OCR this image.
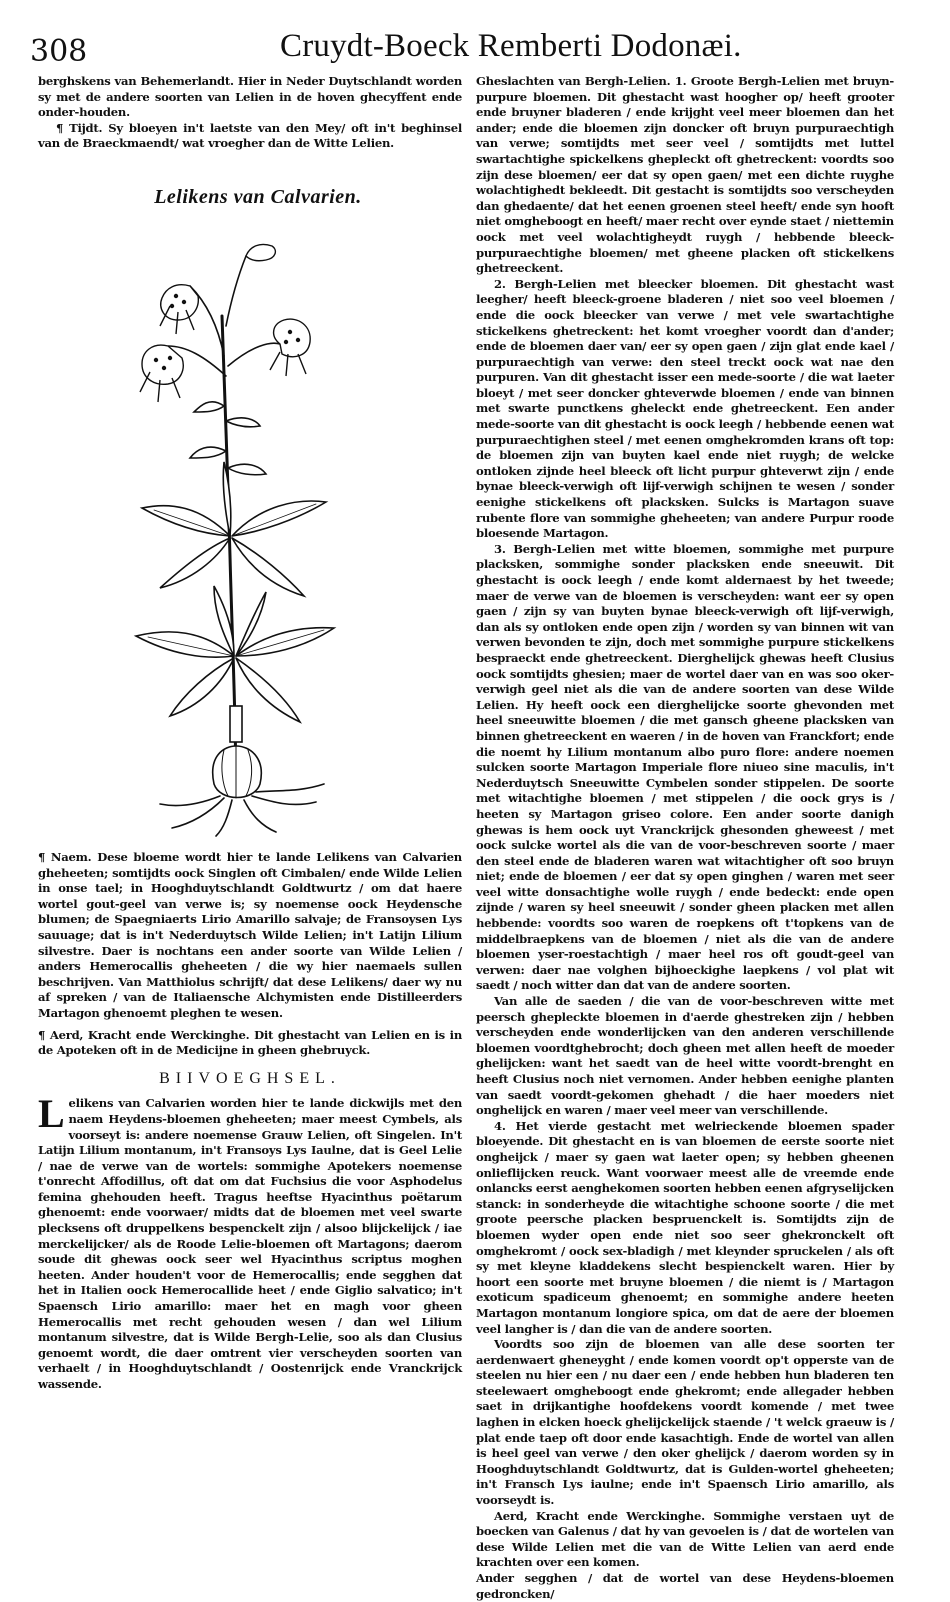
308	Cruydt-Boeck Remberti Dodonæi.

berghskens van Behemerlandt. Hier in Neder Duytschlandt worden sy met de andere soorten van Lelien in de hoven ghecyffent ende onder-houden.

¶ Tijdt. Sy bloeyen in't laetste van den Mey/ oft in't beghinsel van de Braeckmaendt/ wat vroegher dan de Witte Lelien.

Lelikens van Calvarien.

¶ Naem. Dese bloeme wordt hier te lande Lelikens van Calvarien gheheeten; somtijdts oock Singlen oft Cimbalen/ ende Wilde Lelien in onse tael; in Hooghduytschlandt Goldtwurtz / om dat haere wortel gout-geel van verwe is; sy noemense oock Heydensche blumen; de Spaegniaerts Lirio Amarillo salvaje; de Fransoysen Lys sauuage; dat is in't Nederduytsch Wilde Lelien; in't Latijn Lilium silvestre. Daer is nochtans een ander soorte van Wilde Lelien / anders Hemerocallis gheheeten / die wy hier naemaels sullen beschrijven. Van Matthiolus schrijft/ dat dese Lelikens/ daer wy nu af spreken / van de Italiaensche Alchymisten ende Distilleerders Martagon ghenoemt pleghen te wesen.

¶ Aerd, Kracht ende Werckinghe. Dit ghestacht van Lelien en is in de Apoteken oft in de Medicijne in gheen ghebruyck.

BIIVOEGHSEL.

Lelikens van Calvarien worden hier te lande dickwijls met den naem Heydens-bloemen gheheeten; maer meest Cymbels, als voorseyt is: andere noemense Grauw Lelien, oft Singelen. In't Latijn Lilium montanum, in't Fransoys Lys Iaulne, dat is Geel Lelie / nae de verwe van de wortels: sommighe Apotekers noemense t'onrecht Affodillus, oft dat om dat Fuchsius die voor Asphodelus femina ghehouden heeft. Tragus heeftse Hyacinthus poëtarum ghenoemt: ende voorwaer/ midts dat de bloemen met veel swarte plecksens oft druppelkens bespenckelt zijn / alsoo blijckelijck / iae merckelijcker/ als de Roode Lelie-bloemen oft Martagons; daerom soude dit ghewas oock seer wel Hyacinthus scriptus moghen heeten. Ander houden't voor de Hemerocallis; ende segghen dat het in Italien oock Hemerocallide heet / ende Giglio salvatico; in't Spaensch Lirio amarillo: maer het en magh voor gheen Hemerocallis met recht gehouden wesen / dan wel Lilium montanum silvestre, dat is Wilde Bergh-Lelie, soo als dan Clusius genoemt wordt, die daer omtrent vier verscheyden soorten van verhaelt / in Hooghduytschlandt / Oostenrijck ende Vranckrijck wassende.

Gheslachten van Bergh-Lelien. 1. Groote Bergh-Lelien met bruyn-purpure bloemen. Dit ghestacht wast hoogher op/ heeft grooter ende bruyner bladeren / ende krijght veel meer bloemen dan het ander; ende die bloemen zijn doncker oft bruyn purpuraechtigh van verwe; somtijdts met seer veel / somtijdts met luttel swartachtighe spickelkens ghepleckt oft ghetreckent: voordts soo zijn dese bloemen/ eer dat sy open gaen/ met een dichte ruyghe wolachtighedt bekleedt. Dit gestacht is somtijdts soo verscheyden dan ghedaente/ dat het eenen groenen steel heeft/ ende syn hooft niet omgheboogt en heeft/ maer recht over eynde staet / niettemin oock met veel wolachtigheydt ruygh / hebbende bleeck-purpuraechtighe bloemen/ met gheene placken oft stickelkens ghetreeckent.

2. Bergh-Lelien met bleecker bloemen. Dit ghestacht wast leegher/ heeft bleeck-groene bladeren / niet soo veel bloemen / ende die oock bleecker van verwe / met vele swartachtighe stickelkens ghetreckent: het komt vroegher voordt dan d'ander; ende de bloemen daer van/ eer sy open gaen / zijn glat ende kael / purpuraechtigh van verwe: den steel treckt oock wat nae den purpuren. Van dit ghestacht isser een mede-soorte / die wat laeter bloeyt / met seer doncker ghteverwde bloemen / ende van binnen met swarte punctkens gheleckt ende ghetreeckent. Een ander mede-soorte van dit ghestacht is oock leegh / hebbende eenen wat purpuraechtighen steel / met eenen omghekromden krans oft top: de bloemen zijn van buyten kael ende niet ruygh; de welcke ontloken zijnde heel bleeck oft licht purpur ghteverwt zijn / ende bynae bleeck-verwigh oft lijf-verwigh schijnen te wesen / sonder eenighe stickelkens oft placksken. Sulcks is Martagon suave rubente flore van sommighe gheheeten; van andere Purpur roode bloesende Martagon.

3. Bergh-Lelien met witte bloemen, sommighe met purpure placksken, sommighe sonder placksken ende sneeuwit. Dit ghestacht is oock leegh / ende komt aldernaest by het tweede; maer de verwe van de bloemen is verscheyden: want eer sy open gaen / zijn sy van buyten bynae bleeck-verwigh oft lijf-verwigh, dan als sy ontloken ende open zijn / worden sy van binnen wit van verwen bevonden te zijn, doch met sommighe purpure stickelkens bespraeckt ende ghetreeckent. Dierghelijck ghewas heeft Clusius oock somtijdts ghesien; maer de wortel daer van en was soo oker-verwigh geel niet als die van de andere soorten van dese Wilde Lelien. Hy heeft oock een dierghelijcke soorte ghevonden met heel sneeuwitte bloemen / die met gansch gheene placksken van binnen ghetreeckent en waeren / in de hoven van Franckfort; ende die noemt hy Lilium montanum albo puro flore: andere noemen sulcken soorte Martagon Imperiale flore niueo sine maculis, in't Nederduytsch Sneeuwitte Cymbelen sonder stippelen. De soorte met witachtighe bloemen / met stippelen / die oock grys is / heeten sy Martagon griseo colore. Een ander soorte danigh ghewas is hem oock uyt Vranckrijck ghesonden gheweest / met oock sulcke wortel als die van de voor-beschreven soorte / maer den steel ende de bladeren waren wat witachtigher oft soo bruyn niet; ende de bloemen / eer dat sy open ginghen / waren met seer veel witte donsachtighe wolle ruygh / ende bedeckt: ende open zijnde / waren sy heel sneeuwit / sonder gheen placken met allen hebbende: voordts soo waren de roepkens oft t'topkens van de middelbraepkens van de bloemen / niet als die van de andere bloemen yser-roestachtigh / maer heel ros oft goudt-geel van verwen: daer nae volghen bijhoeckighe laepkens / vol plat wit saedt / noch witter dan dat van de andere soorten.

Van alle de saeden / die van de voor-beschreven witte met peersch ghepleckte bloemen in d'aerde ghestreken zijn / hebben verscheyden ende wonderlijcken van den anderen verschillende bloemen voordtghebrocht; doch gheen met allen heeft de moeder ghelijcken: want het saedt van de heel witte voordt-brenght en heeft Clusius noch niet vernomen. Ander hebben eenighe planten van saedt voordt-gekomen ghehadt / die haer moeders niet onghelijck en waren / maer veel meer van verschillende.

4. Het vierde gestacht met welrieckende bloemen spader bloeyende. Dit ghestacht en is van bloemen de eerste soorte niet ongheijck / maer sy gaen wat laeter open; sy hebben gheenen onlieflijcken reuck. Want voorwaer meest alle de vreemde ende onlancks eerst aenghekomen soorten hebben eenen afgryselijcken stanck: in sonderheyde die witachtighe schoone soorte / die met groote peersche placken bespruenckelt is. Somtijdts zijn de bloemen wyder open ende niet soo seer ghekronckelt oft omghekromt / oock sex-bladigh / met kleynder spruckelen / als oft sy met kleyne kladdekens slecht bespienckelt waren. Hier by hoort een soorte met bruyne bloemen / die niemt is / Martagon exoticum spadiceum ghenoemt; en sommighe andere heeten Martagon montanum longiore spica, om dat de aere der bloemen veel langher is / dan die van de andere soorten.

Voordts soo zijn de bloemen van alle dese soorten ter aerdenwaert gheneyght / ende komen voordt op't opperste van de steelen nu hier een / nu daer een / ende hebben hun bladeren ten steelewaert omgheboogt ende ghekromt; ende allegader hebben saet in drijkantighe hoofdekens voordt komende / met twee laghen in elcken hoeck ghelijckelijck staende / 't welck graeuw is / plat ende taep oft door ende kasachtigh. Ende de wortel van allen is heel geel van verwe / den oker ghelijck / daerom worden sy in Hooghduytschlandt Goldtwurtz, dat is Gulden-wortel gheheeten; in't Fransch Lys iaulne; ende in't Spaensch Lirio amarillo, als voorseydt is.

Aerd, Kracht ende Werckinghe. Sommighe verstaen uyt de boecken van Galenus / dat hy van gevoelen is / dat de wortelen van dese Wilde Lelien met die van de Witte Lelien van aerd ende krachten over een komen.

Ander segghen / dat de wortel van dese Heydens-bloemen gedroncken/
